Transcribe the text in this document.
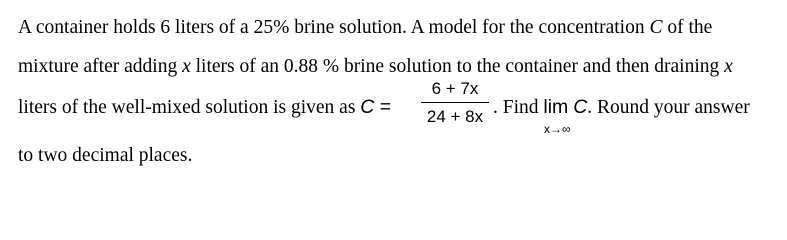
A container holds 6 liters of a 25% brine solution. A model for the concentration C of the
mixture after adding x liters of an 0.88 % brine solution to the container and then draining x
liters of the well-mixed solution is given as C =
6 + 7x
24 + 8x . Find lim C. Round your answer
x→∞
to two decimal places.
